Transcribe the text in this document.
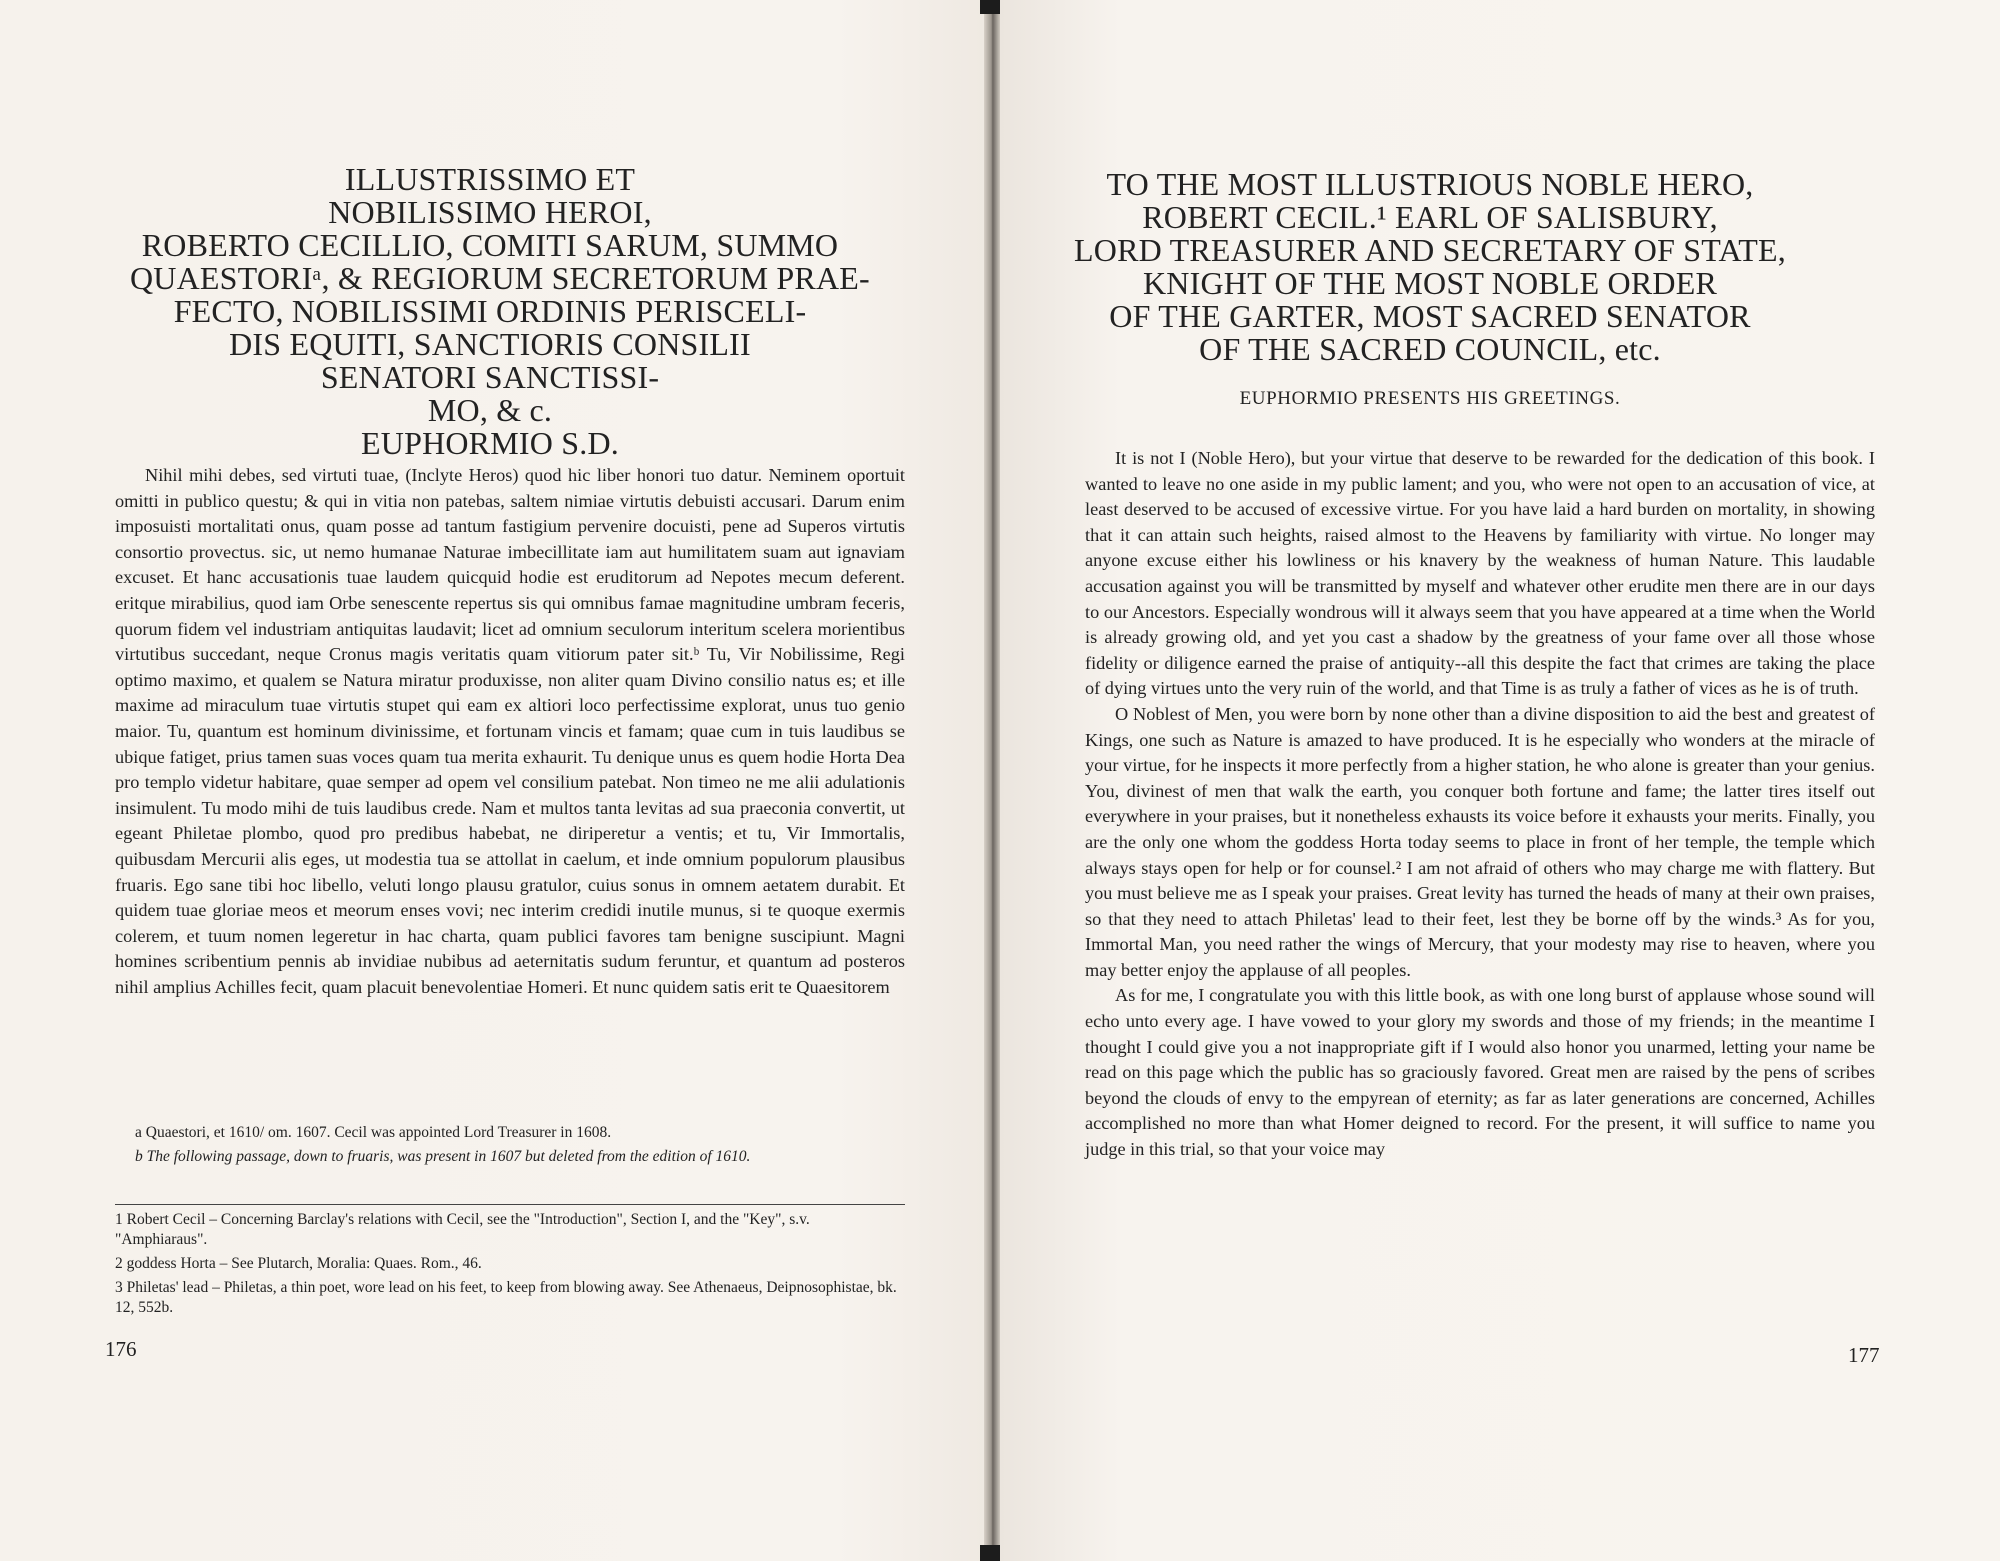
ILLUSTRISSIMO ET
NOBILISSIMO HEROI,
ROBERTO CECILLIO, COMITI SARUM, SUMMO
QUAESTORIᵃ, & REGIORUM SECRETORUM PRAE-
FECTO, NOBILISSIMI ORDINIS PERISCELI-
DIS EQUITI, SANCTIORIS CONSILII
SENATORI SANCTISSI-
MO, & c.
EUPHORMIO S.D.

Nihil mihi debes, sed virtuti tuae, (Inclyte Heros) quod hic liber honori tuo datur. Neminem oportuit omitti in publico questu; & qui in vitia non patebas, saltem nimiae virtutis debuisti accusari. Darum enim imposuisti mortalitati onus, quam posse ad tantum fastigium pervenire docuisti, pene ad Superos virtutis consortio provectus. sic, ut nemo humanae Naturae imbecillitate iam aut humilitatem suam aut ignaviam excuset. Et hanc accusationis tuae laudem quicquid hodie est eruditorum ad Nepotes mecum deferent. eritque mirabilius, quod iam Orbe senescente repertus sis qui omnibus famae magnitudine umbram feceris, quorum fidem vel industriam antiquitas laudavit; licet ad omnium seculorum interitum scelera morientibus virtutibus succedant, neque Cronus magis veritatis quam vitiorum pater sit.ᵇ Tu, Vir Nobilissime, Regi optimo maximo, et qualem se Natura miratur produxisse, non aliter quam Divino consilio natus es; et ille maxime ad miraculum tuae virtutis stupet qui eam ex altiori loco perfectissime explorat, unus tuo genio maior. Tu, quantum est hominum divinissime, et fortunam vincis et famam; quae cum in tuis laudibus se ubique fatiget, prius tamen suas voces quam tua merita exhaurit. Tu denique unus es quem hodie Horta Dea pro templo videtur habitare, quae semper ad opem vel consilium patebat. Non timeo ne me alii adulationis insimulent. Tu modo mihi de tuis laudibus crede. Nam et multos tanta levitas ad sua praeconia convertit, ut egeant Philetae plombo, quod pro predibus habebat, ne diriperetur a ventis; et tu, Vir Immortalis, quibusdam Mercurii alis eges, ut modestia tua se attollat in caelum, et inde omnium populorum plausibus fruaris. Ego sane tibi hoc libello, veluti longo plausu gratulor, cuius sonus in omnem aetatem durabit. Et quidem tuae gloriae meos et meorum enses vovi; nec interim credidi inutile munus, si te quoque exermis colerem, et tuum nomen legeretur in hac charta, quam publici favores tam benigne suscipiunt. Magni homines scribentium pennis ab invidiae nubibus ad aeternitatis sudum feruntur, et quantum ad posteros nihil amplius Achilles fecit, quam placuit benevolentiae Homeri. Et nunc quidem satis erit te Quaesitorem

a Quaestori, et 1610/ om. 1607. Cecil was appointed Lord Treasurer in 1608.
b The following passage, down to fruaris, was present in 1607 but deleted from the edition of 1610.
1 Robert Cecil – Concerning Barclay's relations with Cecil, see the "Introduction", Section I, and the "Key", s.v. "Amphiaraus".
2 goddess Horta – See Plutarch, Moralia: Quaes. Rom., 46.
3 Philetas' lead – Philetas, a thin poet, wore lead on his feet, to keep from blowing away. See Athenaeus, Deipnosophistae, bk. 12, 552b.
176
TO THE MOST ILLUSTRIOUS NOBLE HERO,
ROBERT CECIL.¹ EARL OF SALISBURY,
LORD TREASURER AND SECRETARY OF STATE,
KNIGHT OF THE MOST NOBLE ORDER
OF THE GARTER, MOST SACRED SENATOR
OF THE SACRED COUNCIL, etc.
EUPHORMIO PRESENTS HIS GREETINGS.

It is not I (Noble Hero), but your virtue that deserve to be rewarded for the dedication of this book. I wanted to leave no one aside in my public lament; and you, who were not open to an accusation of vice, at least deserved to be accused of excessive virtue. For you have laid a hard burden on mortality, in showing that it can attain such heights, raised almost to the Heavens by familiarity with virtue. No longer may anyone excuse either his lowliness or his knavery by the weakness of human Nature. This laudable accusation against you will be transmitted by myself and whatever other erudite men there are in our days to our Ancestors. Especially wondrous will it always seem that you have appeared at a time when the World is already growing old, and yet you cast a shadow by the greatness of your fame over all those whose fidelity or diligence earned the praise of antiquity--all this despite the fact that crimes are taking the place of dying virtues unto the very ruin of the world, and that Time is as truly a father of vices as he is of truth.

O Noblest of Men, you were born by none other than a divine disposition to aid the best and greatest of Kings, one such as Nature is amazed to have produced. It is he especially who wonders at the miracle of your virtue, for he inspects it more perfectly from a higher station, he who alone is greater than your genius. You, divinest of men that walk the earth, you conquer both fortune and fame; the latter tires itself out everywhere in your praises, but it nonetheless exhausts its voice before it exhausts your merits. Finally, you are the only one whom the goddess Horta today seems to place in front of her temple, the temple which always stays open for help or for counsel.² I am not afraid of others who may charge me with flattery. But you must believe me as I speak your praises. Great levity has turned the heads of many at their own praises, so that they need to attach Philetas' lead to their feet, lest they be borne off by the winds.³ As for you, Immortal Man, you need rather the wings of Mercury, that your modesty may rise to heaven, where you may better enjoy the applause of all peoples.

As for me, I congratulate you with this little book, as with one long burst of applause whose sound will echo unto every age. I have vowed to your glory my swords and those of my friends; in the meantime I thought I could give you a not inappropriate gift if I would also honor you unarmed, letting your name be read on this page which the public has so graciously favored. Great men are raised by the pens of scribes beyond the clouds of envy to the empyrean of eternity; as far as later generations are concerned, Achilles accomplished no more than what Homer deigned to record. For the present, it will suffice to name you judge in this trial, so that your voice may

177
